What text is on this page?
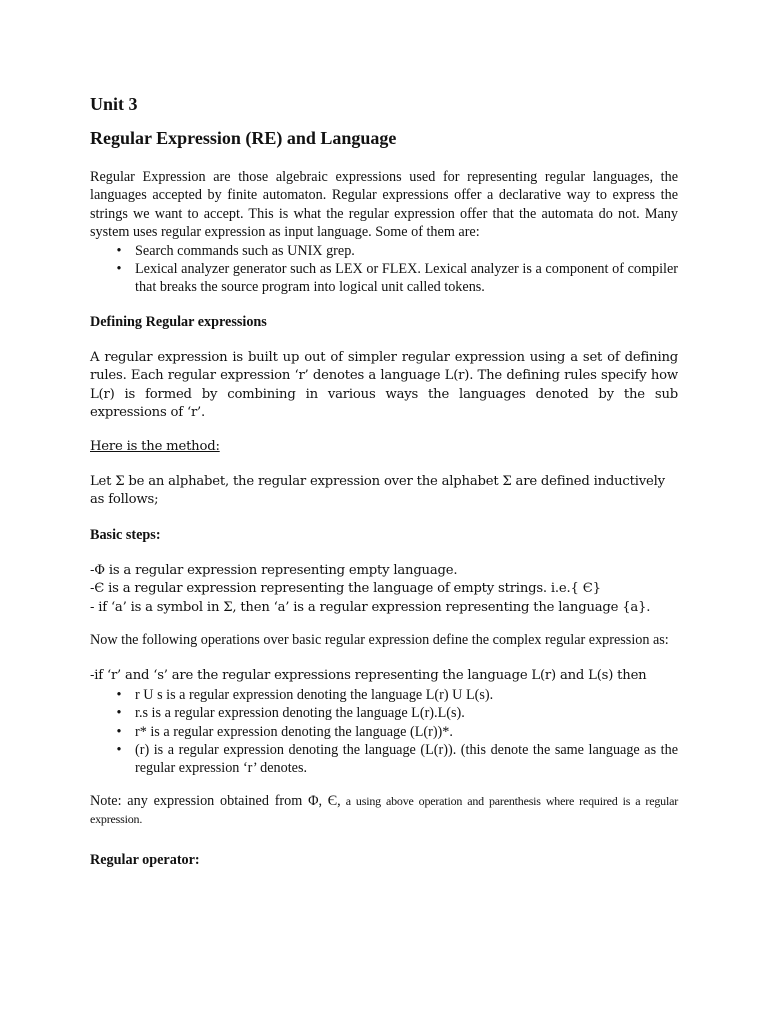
Unit 3
Regular Expression (RE) and Language

Regular Expression are those algebraic expressions used for representing regular languages, the languages accepted by finite automaton. Regular expressions offer a declarative way to express the strings we want to accept. This is what the regular expression offer that the automata do not. Many system uses regular expression as input language. Some of them are:

• Search commands such as UNIX grep.
• Lexical analyzer generator such as LEX or FLEX. Lexical analyzer is a component of compiler that breaks the source program into logical unit called tokens.
Defining Regular expressions

A regular expression is built up out of simpler regular expression using a set of defining rules. Each regular expression ‘r’ denotes a language L(r). The defining rules specify how L(r) is formed by combining in various ways the languages denoted by the sub expressions of ‘r’.

Here is the method:

Let Σ be an alphabet, the regular expression over the alphabet Σ are defined inductively
as follows;

Basic steps:

-Φ is a regular expression representing empty language.
-Є is a regular expression representing the language of empty strings. i.e.{ Є}
- if ‘a’ is a symbol in Σ, then ‘a’ is a regular expression representing the language {a}.

Now the following operations over basic regular expression define the complex regular expression as:

-if ‘r’ and ‘s’ are the regular expressions representing the language L(r) and L(s) then

• r U s is a regular expression denoting the language L(r) U L(s).
• r.s is a regular expression denoting the language L(r).L(s).
• r* is a regular expression denoting the language (L(r))*.
• (r) is a regular expression denoting the language (L(r)). (this denote the same language as the regular expression ‘r’ denotes.

Note: any expression obtained from Φ, Є, a using above operation and parenthesis where required is a regular expression.

Regular operator:
